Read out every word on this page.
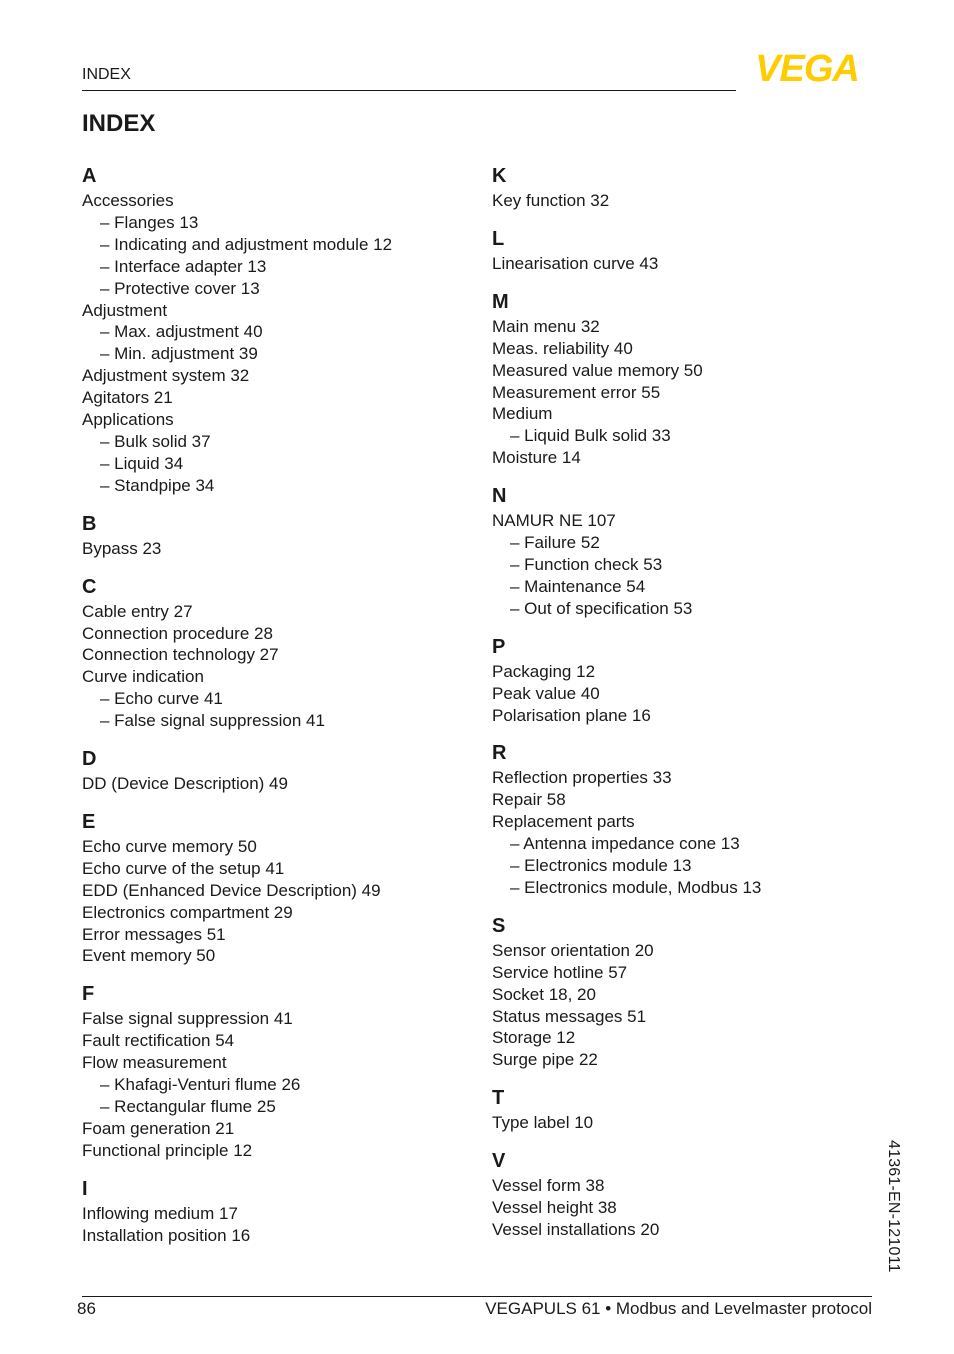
INDEX	VEGA
INDEX
A
Accessories
– Flanges 13
– Indicating and adjustment module 12
– Interface adapter 13
– Protective cover 13
Adjustment
– Max. adjustment 40
– Min. adjustment 39
Adjustment system 32
Agitators 21
Applications
– Bulk solid 37
– Liquid 34
– Standpipe 34
B
Bypass 23
C
Cable entry 27
Connection procedure 28
Connection technology 27
Curve indication
– Echo curve 41
– False signal suppression 41
D
DD (Device Description) 49
E
Echo curve memory 50
Echo curve of the setup 41
EDD (Enhanced Device Description) 49
Electronics compartment 29
Error messages 51
Event memory 50
F
False signal suppression 41
Fault rectification 54
Flow measurement
– Khafagi-Venturi flume 26
– Rectangular flume 25
Foam generation 21
Functional principle 12
I
Inflowing medium 17
Installation position 16
K
Key function 32
L
Linearisation curve 43
M
Main menu 32
Meas. reliability 40
Measured value memory 50
Measurement error 55
Medium
– Liquid Bulk solid 33
Moisture 14
N
NAMUR NE 107
– Failure 52
– Function check 53
– Maintenance 54
– Out of specification 53
P
Packaging 12
Peak value 40
Polarisation plane 16
R
Reflection properties 33
Repair 58
Replacement parts
– Antenna impedance cone 13
– Electronics module 13
– Electronics module, Modbus 13
S
Sensor orientation 20
Service hotline 57
Socket 18, 20
Status messages 51
Storage 12
Surge pipe 22
T
Type label 10
V
Vessel form 38
Vessel height 38
Vessel installations 20	41361-EN-121011
86	VEGAPULS 61 • Modbus and Levelmaster protocol
